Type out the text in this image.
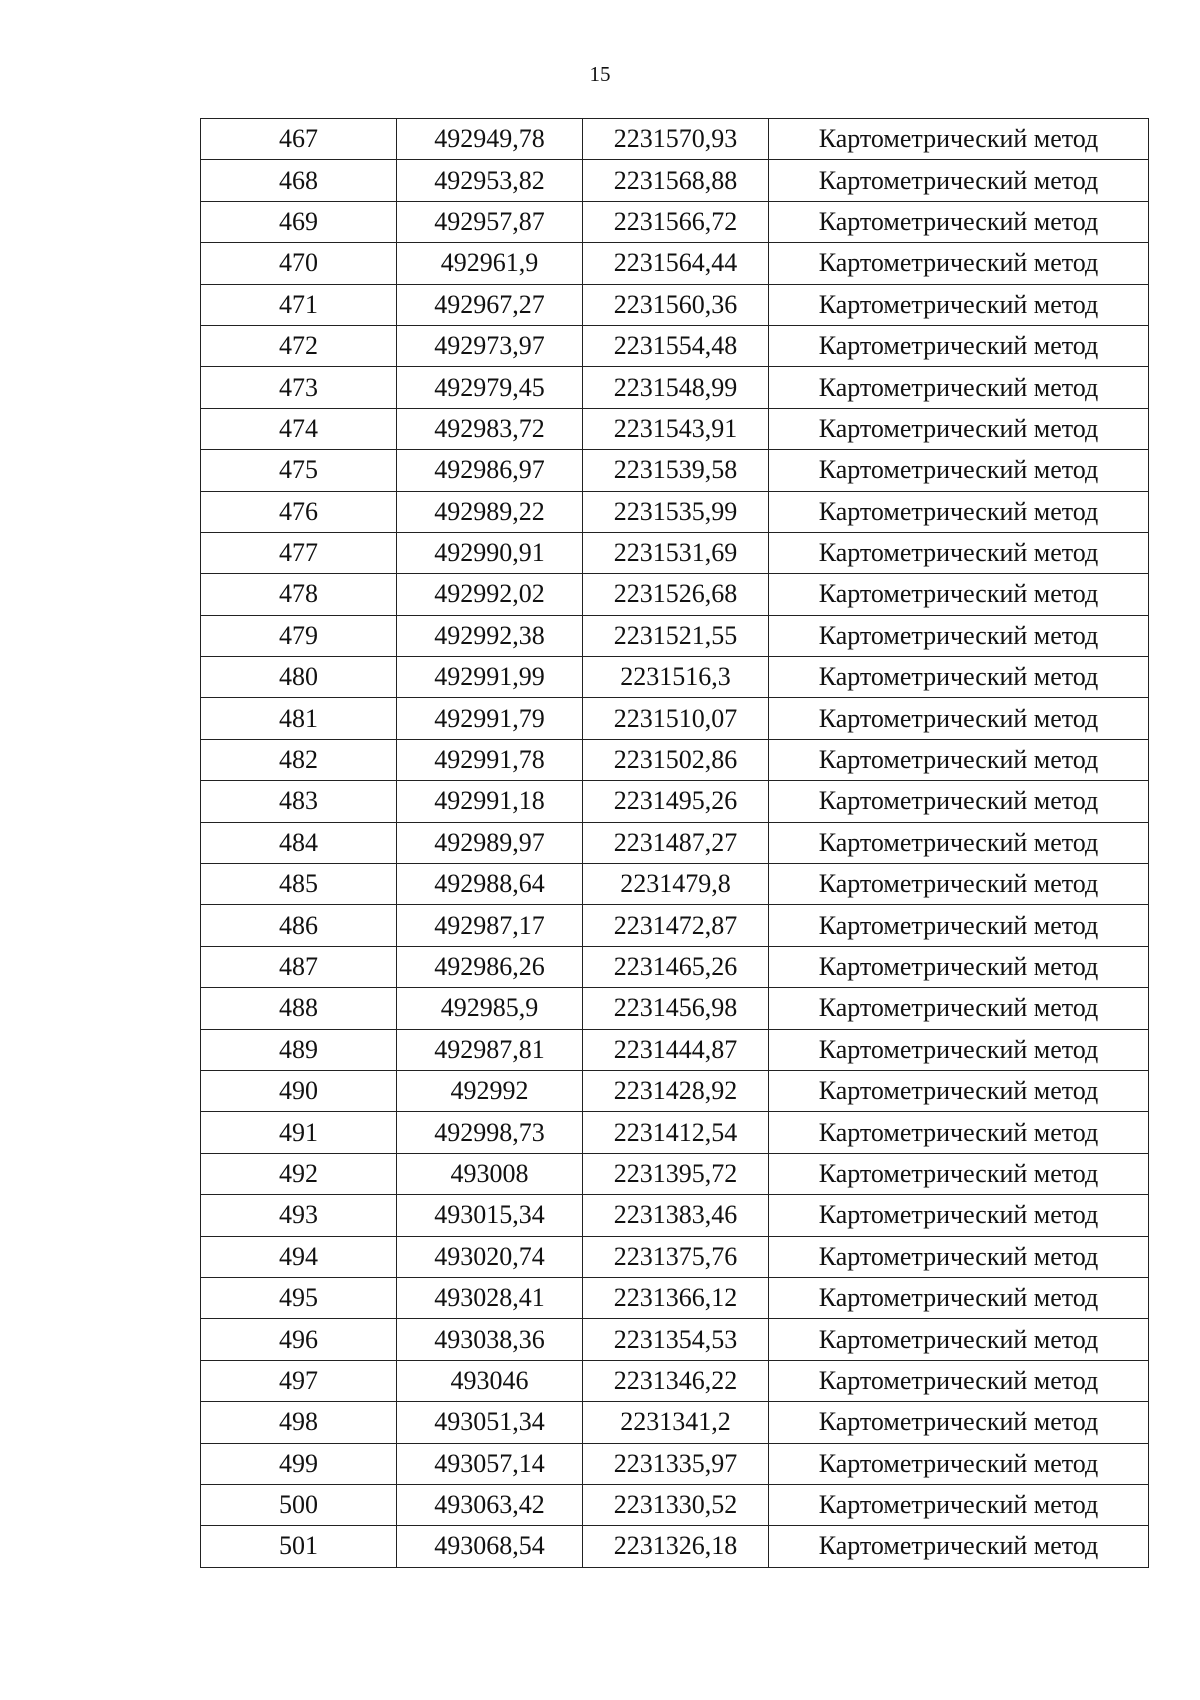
15
467	492949,78	2231570,93	Картометрический метод
468	492953,82	2231568,88	Картометрический метод
469	492957,87	2231566,72	Картометрический метод
470	492961,9	2231564,44	Картометрический метод
471	492967,27	2231560,36	Картометрический метод
472	492973,97	2231554,48	Картометрический метод
473	492979,45	2231548,99	Картометрический метод
474	492983,72	2231543,91	Картометрический метод
475	492986,97	2231539,58	Картометрический метод
476	492989,22	2231535,99	Картометрический метод
477	492990,91	2231531,69	Картометрический метод
478	492992,02	2231526,68	Картометрический метод
479	492992,38	2231521,55	Картометрический метод
480	492991,99	2231516,3	Картометрический метод
481	492991,79	2231510,07	Картометрический метод
482	492991,78	2231502,86	Картометрический метод
483	492991,18	2231495,26	Картометрический метод
484	492989,97	2231487,27	Картометрический метод
485	492988,64	2231479,8	Картометрический метод
486	492987,17	2231472,87	Картометрический метод
487	492986,26	2231465,26	Картометрический метод
488	492985,9	2231456,98	Картометрический метод
489	492987,81	2231444,87	Картометрический метод
490	492992	2231428,92	Картометрический метод
491	492998,73	2231412,54	Картометрический метод
492	493008	2231395,72	Картометрический метод
493	493015,34	2231383,46	Картометрический метод
494	493020,74	2231375,76	Картометрический метод
495	493028,41	2231366,12	Картометрический метод
496	493038,36	2231354,53	Картометрический метод
497	493046	2231346,22	Картометрический метод
498	493051,34	2231341,2	Картометрический метод
499	493057,14	2231335,97	Картометрический метод
500	493063,42	2231330,52	Картометрический метод
501	493068,54	2231326,18	Картометрический метод
